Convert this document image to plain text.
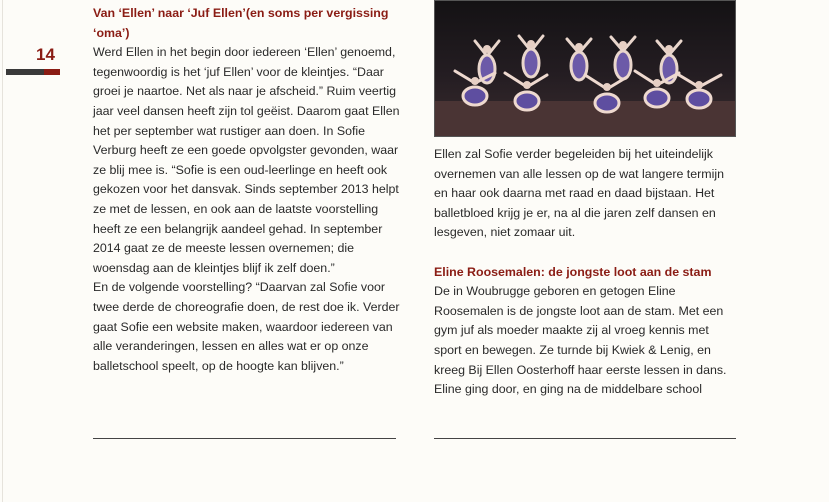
14

Van ‘Ellen’ naar ‘Juf Ellen’(en soms per vergissing ‘oma’)

Werd Ellen in het begin door iedereen ‘Ellen’ genoemd, tegenwoordig is het ‘juf Ellen’ voor de kleintjes. “Daar groei je naartoe. Net als naar je afscheid.” Ruim veertig jaar veel dansen heeft zijn tol geëist. Daarom gaat Ellen het per september wat rustiger aan doen. In Sofie Verburg heeft ze een goede opvolgster gevonden, waar ze blij mee is. “Sofie is een oud-leerlinge en heeft ook gekozen voor het dansvak. Sinds september 2013 helpt ze met de lessen, en ook aan de laatste voorstelling heeft ze een belangrijk aandeel gehad. In september 2014 gaat ze de meeste lessen overnemen; die woensdag aan de kleintjes blijf ik zelf doen.”

En de volgende voorstelling? “Daarvan zal Sofie voor twee derde de choreografie doen, de rest doe ik. Verder gaat Sofie een website maken, waardoor iedereen van alle veranderingen, lessen en alles wat er op onze balletschool speelt, op de hoogte kan blijven.”

Ellen zal Sofie verder begeleiden bij het uiteindelijk overnemen van alle lessen op de wat langere termijn en haar ook daarna met raad en daad bijstaan. Het balletbloed krijg je er, na al die jaren zelf dansen en lesgeven, niet zomaar uit.

Eline Roosemalen: de jongste loot aan de stam

De in Woubrugge geboren en getogen Eline Roosemalen is de jongste loot aan de stam. Met een gym juf als moeder maakte zij al vroeg kennis met sport en bewegen. Ze turnde bij Kwiek & Lenig, en kreeg Bij Ellen Oosterhoff haar eerste lessen in dans. Eline ging door, en ging na de middelbare school
